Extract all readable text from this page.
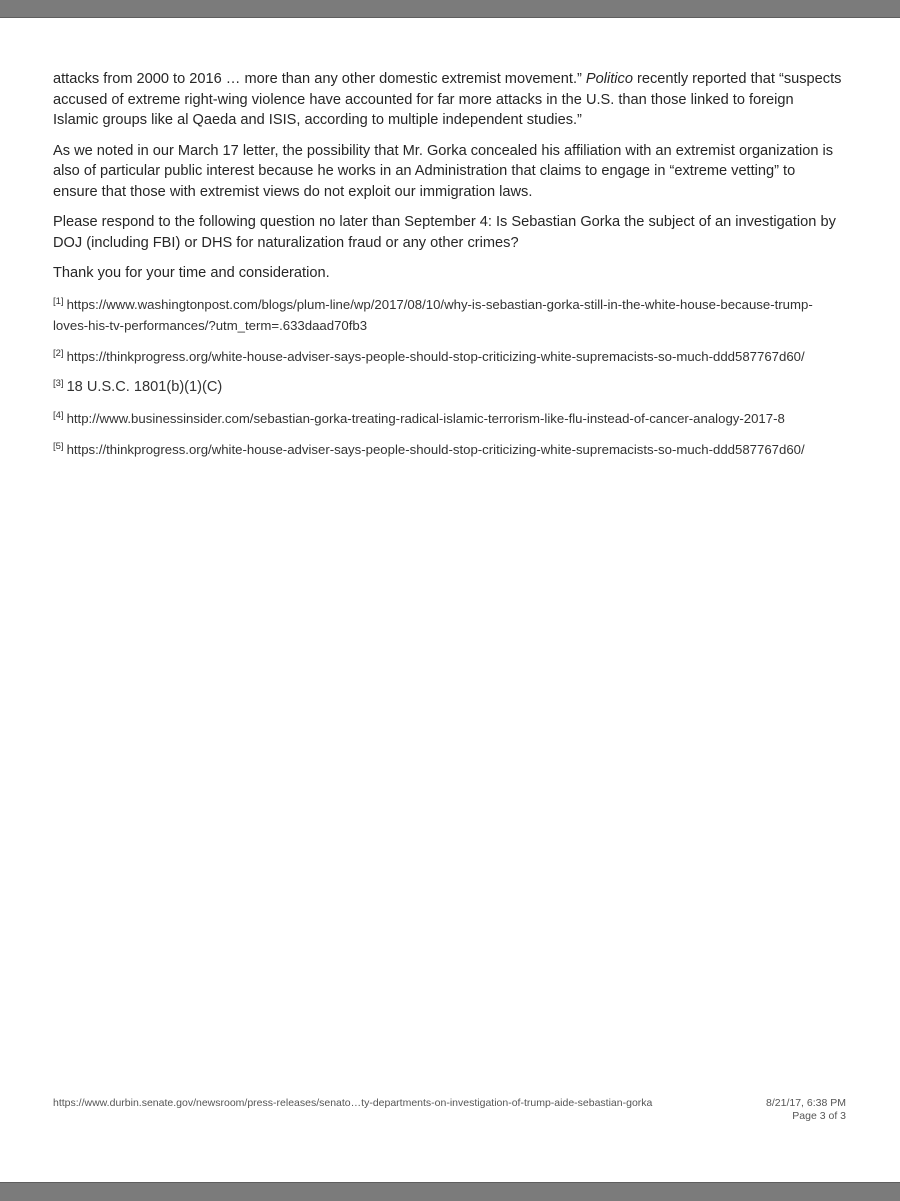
attacks from 2000 to 2016 … more than any other domestic extremist movement.” Politico recently reported that “suspects accused of extreme right-wing violence have accounted for far more attacks in the U.S. than those linked to foreign Islamic groups like al Qaeda and ISIS, according to multiple independent studies.”

As we noted in our March 17 letter, the possibility that Mr. Gorka concealed his affiliation with an extremist organization is also of particular public interest because he works in an Administration that claims to engage in “extreme vetting” to ensure that those with extremist views do not exploit our immigration laws.

Please respond to the following question no later than September 4: Is Sebastian Gorka the subject of an investigation by DOJ (including FBI) or DHS for naturalization fraud or any other crimes?

Thank you for your time and consideration.

[1] https://www.washingtonpost.com/blogs/plum-line/wp/2017/08/10/why-is-sebastian-gorka-still-in-the-white-house-because-trump-loves-his-tv-performances/?utm_term=.633daad70fb3
[2] https://thinkprogress.org/white-house-adviser-says-people-should-stop-criticizing-white-supremacists-so-much-ddd587767d60/
[3] 18 U.S.C. 1801(b)(1)(C)
[4] http://www.businessinsider.com/sebastian-gorka-treating-radical-islamic-terrorism-like-flu-instead-of-cancer-analogy-2017-8
[5] https://thinkprogress.org/white-house-adviser-says-people-should-stop-criticizing-white-supremacists-so-much-ddd587767d60/
https://www.durbin.senate.gov/newsroom/press-releases/senato…ty-departments-on-investigation-of-trump-aide-sebastian-gorka	8/21/17, 6:38 PM
Page 3 of 3
